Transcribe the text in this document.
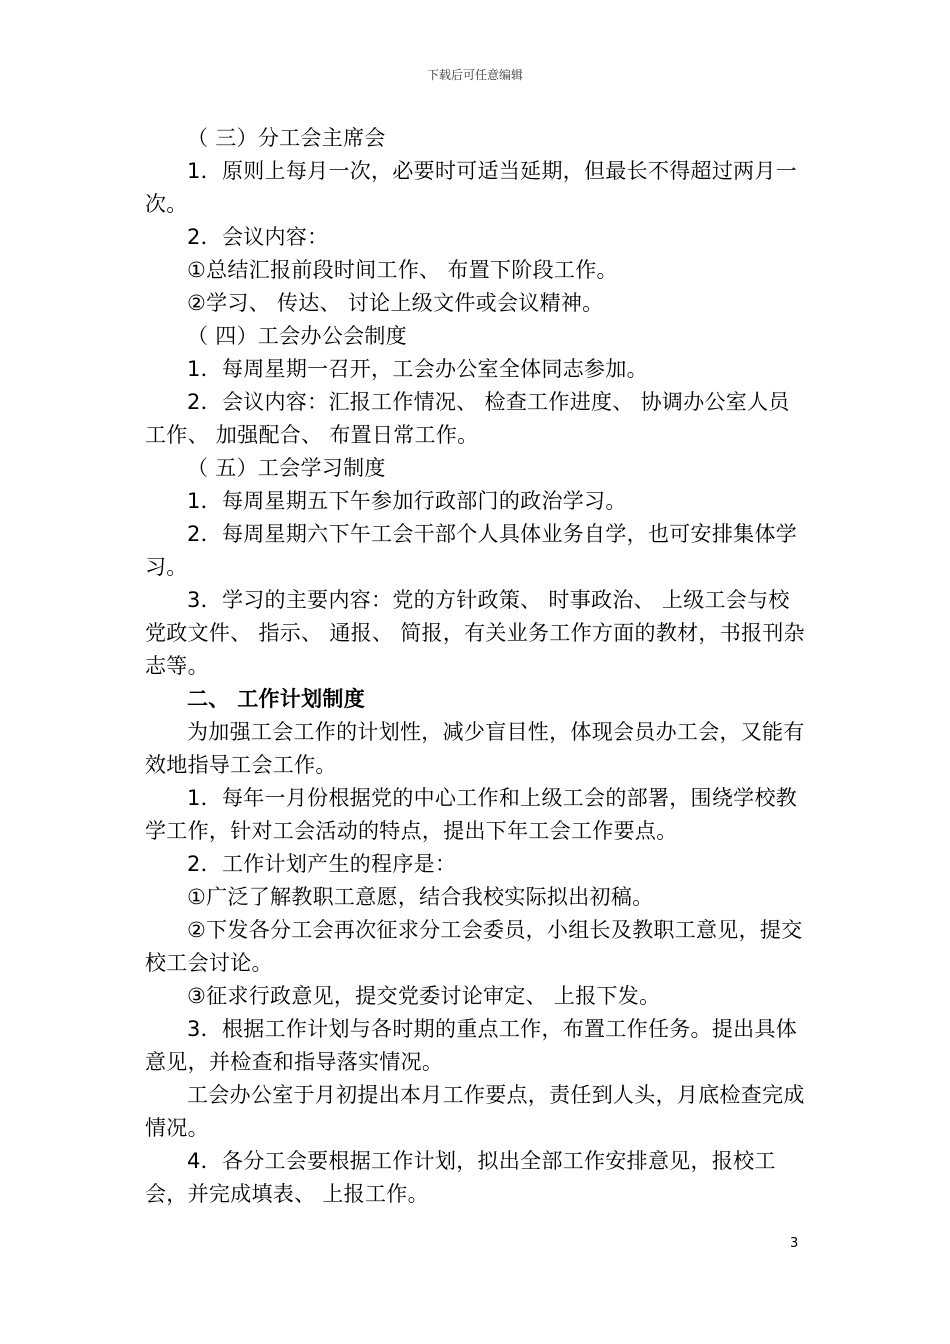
下载后可任意编辑

（ 三）分工会主席会

1．原则上每月一次，必要时可适当延期，但最长不得超过两月一次。

2．会议内容：

①总结汇报前段时间工作、 布置下阶段工作。

②学习、 传达、 讨论上级文件或会议精神。

（ 四）工会办公会制度

1．每周星期一召开，工会办公室全体同志参加。

2．会议内容：汇报工作情况、 检查工作进度、 协调办公室人员工作、 加强配合、 布置日常工作。

（ 五）工会学习制度

1．每周星期五下午参加行政部门的政治学习。

2．每周星期六下午工会干部个人具体业务自学，也可安排集体学习。

3．学习的主要内容：党的方针政策、 时事政治、 上级工会与校党政文件、 指示、 通报、 简报，有关业务工作方面的教材，书报刊杂志等。

二、 工作计划制度

为加强工会工作的计划性，减少盲目性，体现会员办工会，又能有效地指导工会工作。

1．每年一月份根据党的中心工作和上级工会的部署，围绕学校教学工作，针对工会活动的特点，提出下年工会工作要点。

2．工作计划产生的程序是：

①广泛了解教职工意愿，结合我校实际拟出初稿。

②下发各分工会再次征求分工会委员，小组长及教职工意见，提交校工会讨论。

③征求行政意见，提交党委讨论审定、 上报下发。

3．根据工作计划与各时期的重点工作，布置工作任务。提出具体意见，并检查和指导落实情况。

工会办公室于月初提出本月工作要点，责任到人头，月底检查完成情况。

4．各分工会要根据工作计划，拟出全部工作安排意见，报校工会，并完成填表、 上报工作。

3
